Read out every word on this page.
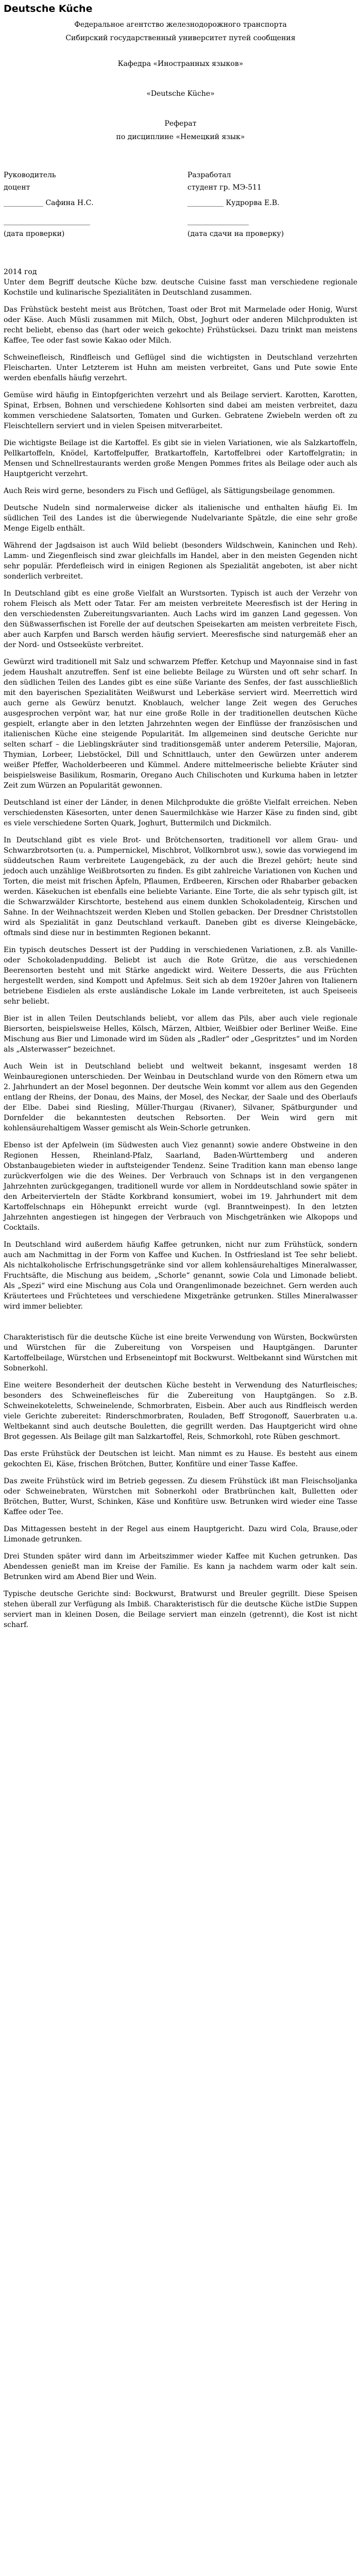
Deutsche Küche

Федеральное агентство железнодорожного транспорта

Сибирский государственный университет путей сообщения

Кафедра «Иностранных языков»

«Deutsche Küche»

Реферат

по дисциплине «Немецкий язык»

Руководитель	Разработал
доцент	студент гр. МЭ-511
___________ Сафина Н.С.	__________ Кудрорва Е.В.
________________________	_________________
(дата проверки)	(дата сдачи на проверку)

2014 год

Unter dem Begriff deutsche Küche bzw. deutsche Cuisine fasst man verschiedene regionale Kochstile und kulinarische Spezialitäten in Deutschland zusammen.

Das Frühstück besteht meist aus Brötchen, Toast oder Brot mit Marmelade oder Honig, Wurst oder Käse. Auch Müsli zusammen mit Milch, Obst, Joghurt oder anderen Milchprodukten ist recht beliebt, ebenso das (hart oder weich gekochte) Frühstücksei. Dazu trinkt man meistens Kaffee, Tee oder fast sowie Kakao oder Milch.

Schweinefleisch, Rindfleisch und Geflügel sind die wichtigsten in Deutschland verzehrten Fleischarten. Unter Letzterem ist Huhn am meisten verbreitet, Gans und Pute sowie Ente werden ebenfalls häufig verzehrt.

Gemüse wird häufig in Eintopfgerichten verzehrt und als Beilage serviert. Karotten, Karotten, Spinat, Erbsen, Bohnen und verschiedene Kohlsorten sind dabei am meisten verbreitet, dazu kommen verschiedene Salatsorten, Tomaten und Gurken. Gebratene Zwiebeln werden oft zu Fleischtellern serviert und in vielen Speisen mitverarbeitet.

Die wichtigste Beilage ist die Kartoffel. Es gibt sie in vielen Variationen, wie als Salzkartoffeln, Pellkartoffeln, Knödel, Kartoffelpuffer, Bratkartoffeln, Kartoffelbrei oder Kartoffelgratin; in Mensen und Schnellrestaurants werden große Mengen Pommes frites als Beilage oder auch als Hauptgericht verzehrt.

Auch Reis wird gerne, besonders zu Fisch und Geflügel, als Sättigungsbeilage genommen.

Deutsche Nudeln sind normalerweise dicker als italienische und enthalten häufig Ei. Im südlichen Teil des Landes ist die überwiegende Nudelvariante Spätzle, die eine sehr große Menge Eigelb enthält.

Während der Jagdsaison ist auch Wild beliebt (besonders Wildschwein, Kaninchen und Reh). Lamm- und Ziegenfleisch sind zwar gleichfalls im Handel, aber in den meisten Gegenden nicht sehr populär. Pferdefleisch wird in einigen Regionen als Spezialität angeboten, ist aber nicht sonderlich verbreitet.

In Deutschland gibt es eine große Vielfalt an Wurstsorten. Typisch ist auch der Verzehr von rohem Fleisch als Mett oder Tatar. Fer am meisten verbreitete Meeresfisch ist der Hering in den verschiedensten Zubereitungsvarianten. Auch Lachs wird im ganzen Land gegessen. Von den Süßwasserfischen ist Forelle der auf deutschen Speisekarten am meisten verbreitete Fisch, aber auch Karpfen und Barsch werden häufig serviert. Meeresfische sind naturgemäß eher an der Nord- und Ostseeküste verbreitet.

Gewürzt wird traditionell mit Salz und schwarzem Pfeffer. Ketchup und Mayonnaise sind in fast jedem Haushalt anzutreffen. Senf ist eine beliebte Beilage zu Würsten und oft sehr scharf. In den südlichen Teilen des Landes gibt es eine süße Variante des Senfes, der fast ausschließlich mit den bayerischen Spezialitäten Weißwurst und Leberkäse serviert wird. Meerrettich wird auch gerne als Gewürz benutzt. Knoblauch, welcher lange Zeit wegen des Geruches ausgesprochen verpönt war, hat nur eine große Rolle in der traditionellen deutschen Küche gespielt, erlangte aber in den letzten Jahrzehnten wegen der Einflüsse der französischen und italienischen Küche eine steigende Popularität. Im allgemeinen sind deutsche Gerichte nur selten scharf – die Lieblingskräuter sind traditionsgemäß unter anderem Petersilie, Majoran, Thymian, Lorbeer, Liebstöckel, Dill und Schnittlauch, unter den Gewürzen unter anderem weißer Pfeffer, Wacholderbeeren und Kümmel. Andere mittelmeerische beliebte Kräuter sind beispielsweise Basilikum, Rosmarin, Oregano Auch Chilischoten und Kurkuma haben in letzter Zeit zum Würzen an Popularität gewonnen.

Deutschland ist einer der Länder, in denen Milchprodukte die größte Vielfalt erreichen. Neben verschiedensten Käsesorten, unter denen Sauermilchkäse wie Harzer Käse zu finden sind, gibt es viele verschiedene Sorten Quark, Joghurt, Buttermilch und Dickmilch.

In Deutschland gibt es viele Brot- und Brötchensorten, traditionell vor allem Grau- und Schwarzbrotsorten (u. a. Pumpernickel, Mischbrot, Vollkornbrot usw.), sowie das vorwiegend im süddeutschen Raum verbreitete Laugengebäck, zu der auch die Brezel gehört; heute sind jedoch auch unzählige Weißbrotsorten zu finden. Es gibt zahlreiche Variationen von Kuchen und Torten, die meist mit frischen Äpfeln, Pflaumen, Erdbeeren, Kirschen oder Rhabarber gebacken werden. Käsekuchen ist ebenfalls eine beliebte Variante. Eine Torte, die als sehr typisch gilt, ist die Schwarzwälder Kirschtorte, bestehend aus einem dunklen Schokoladenteig, Kirschen und Sahne. In der Weihnachtszeit werden Kleben und Stollen gebacken. Der Dresdner Christstollen wird als Spezialität in ganz Deutschland verkauft. Daneben gibt es diverse Kleingebäcke, oftmals sind diese nur in bestimmten Regionen bekannt.

Ein typisch deutsches Dessert ist der Pudding in verschiedenen Variationen, z.B. als Vanille- oder Schokoladenpudding. Beliebt ist auch die Rote Grütze, die aus verschiedenen Beerensorten besteht und mit Stärke angedickt wird. Weitere Desserts, die aus Früchten hergestellt werden, sind Kompott und Apfelmus. Seit sich ab dem 1920er Jahren von Italienern betriebene Eisdielen als erste ausländische Lokale im Lande verbreiteten, ist auch Speiseeis sehr beliebt.

Bier ist in allen Teilen Deutschlands beliebt, vor allem das Pils, aber auch viele regionale Biersorten, beispielsweise Helles, Kölsch, Märzen, Altbier, Weißbier oder Berliner Weiße. Eine Mischung aus Bier und Limonade wird im Süden als „Radler“ oder „Gespritztes“ und im Norden als „Alsterwasser“ bezeichnet.

Auch Wein ist in Deutschland beliebt und weltweit bekannt, insgesamt werden 18 Weinbauregionen unterschieden. Der Weinbau in Deutschland wurde von den Römern etwa um 2. Jahrhundert an der Mosel begonnen. Der deutsche Wein kommt vor allem aus den Gegenden entlang der Rheins, der Donau, des Mains, der Mosel, des Neckar, der Saale und des Oberlaufs der Elbe. Dabei sind Riesling, Müller-Thurgau (Rivaner), Silvaner, Spätburgunder und Dornfelder die bekanntesten deutschen Rebsorten. Der Wein wird gern mit kohlensäurehaltigem Wasser gemischt als Wein-Schorle getrunken.

Ebenso ist der Apfelwein (im Südwesten auch Viez genannt) sowie andere Obstweine in den Regionen Hessen, Rheinland-Pfalz, Saarland, Baden-Württemberg und anderen Obstanbaugebieten wieder in auftsteigender Tendenz. Seine Tradition kann man ebenso lange zurückverfolgen wie die des Weines. Der Verbrauch von Schnaps ist in den vergangenen Jahrzehnten zurückgegangen, traditionell wurde vor allem in Norddeutschland sowie später in den Arbeitervierteln der Städte Korkbrand konsumiert, wobei im 19. Jahrhundert mit dem Kartoffelschnaps ein Höhepunkt erreicht wurde (vgl. Branntweinpest). In den letzten Jahrzehnten angestiegen ist hingegen der Verbrauch von Mischgetränken wie Alkopops und Cocktails.

In Deutschland wird außerdem häufig Kaffee getrunken, nicht nur zum Frühstück, sondern auch am Nachmittag in der Form von Kaffee und Kuchen. In Ostfriesland ist Tee sehr beliebt. Als nichtalkoholische Erfrischungsgetränke sind vor allem kohlensäurehaltiges Mineralwasser, Fruchtsäfte, die Mischung aus beidem, „Schorle“ genannt, sowie Cola und Limonade beliebt. Als „Spezi“ wird eine Mischung aus Cola und Orangenlimonade bezeichnet. Gern werden auch Kräutertees und Früchtetees und verschiedene Mixgetränke getrunken. Stilles Mineralwasser wird immer beliebter.

Charakteristisch für die deutsche Küche ist eine breite Verwendung von Würsten, Bockwürsten und Würstchen für die Zubereitung von Vorspeisen und Hauptgängen. Darunter Kartoffelbeilage, Würstchen und Erbseneintopf mit Bockwurst. Weltbekannt sind Würstchen mit Sobnerkohl.

Eine weitere Besonderheit der deutschen Küche besteht in Verwendung des Naturfleisches; besonders des Schweinefleisches für die Zubereitung von Hauptgängen. So z.B. Schweinekoteletts, Schweinelende, Schmorbraten, Eisbein. Aber auch aus Rindfleisch werden viele Gerichte zubereitet: Rinderschmorbraten, Rouladen, Beff Strogonoff, Sauerbraten u.a. Weltbekannt sind auch deutsche Bouletten, die gegrillt werden. Das Hauptgericht wird ohne Brot gegessen. Als Beilage gilt man Salzkartoffel, Reis, Schmorkohl, rote Rüben geschmort.

Das erste Frühstück der Deutschen ist leicht. Man nimmt es zu Hause. Es besteht aus einem gekochten Ei, Käse, frischen Brötchen, Butter, Konfitüre und einer Tasse Kaffee.

Das zweite Frühstück wird im Betrieb gegessen. Zu diesem Frühstück ißt man Fleischsoljanka oder Schweinebraten, Würstchen mit Sobnerkohl oder Bratbrünchen kalt, Bulletten oder Brötchen, Butter, Wurst, Schinken, Käse und Konfitüre usw. Betrunken wird wieder eine Tasse Kaffee oder Tee.

Das Mittagessen besteht in der Regel aus einem Hauptgericht. Dazu wird Cola, Brause,oder Limonade getrunken.

Drei Stunden später wird dann im Arbeitszimmer wieder Kaffee mit Kuchen getrunken. Das Abendessen genießt man im Kreise der Familie. Es kann ja nachdem warm oder kalt sein. Betrunken wird am Abend Bier und Wein.

Typische deutsche Gerichte sind: Bockwurst, Bratwurst und Breuler gegrillt. Diese Speisen stehen überall zur Verfügung als Imbiß. Charakteristisch für die deutsche Küche istDie Suppen serviert man in kleinen Dosen, die Beilage serviert man einzeln (getrennt), die Kost ist nicht scharf.
